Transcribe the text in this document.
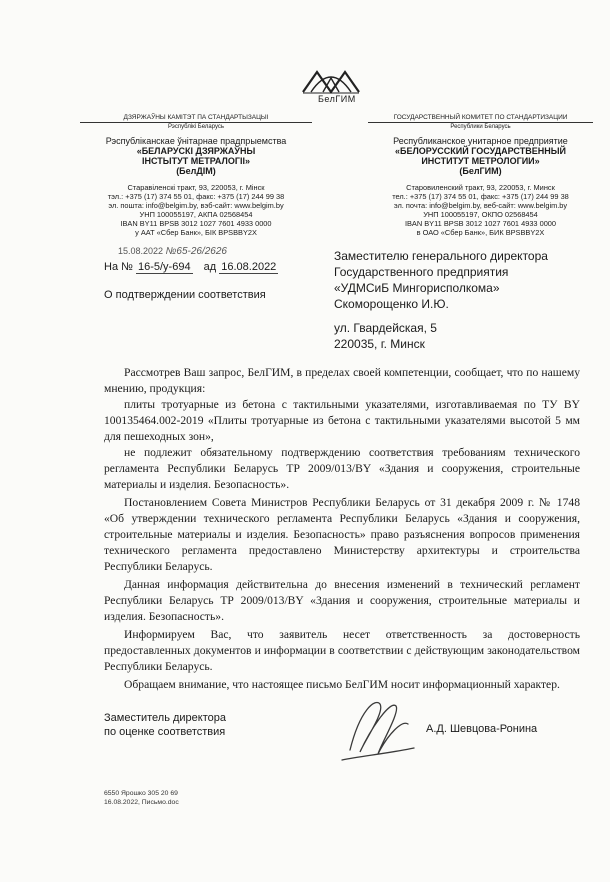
БелГИМ
ДЗЯРЖАЎНЫ КАМІТЭТ ПА СТАНДАРТЫЗАЦЫІ
Рэспублікі Беларусь
Рэспубліканскае ўнітарнае прадпрыемства
«БЕЛАРУСКІ ДЗЯРЖАЎНЫ
ІНСТЫТУТ МЕТРАЛОГІІ»
(БелДІМ)
Старавіленскі тракт, 93, 220053, г. Мінск
тэл.: +375 (17) 374 55 01, факс: +375 (17) 244 99 38
эл. пошта: info@belgim.by, вэб-сайт: www.belgim.by
УНП 100055197, АКПА 02568454
IBAN BY11 BPSB 3012 1027 7601 4933 0000
у ААТ «Сбер Банк», БІК BPSBBY2X
ГОСУДАРСТВЕННЫЙ КОМИТЕТ ПО СТАНДАРТИЗАЦИИ
Республики Беларусь
Республиканское унитарное предприятие
«БЕЛОРУССКИЙ ГОСУДАРСТВЕННЫЙ
ИНСТИТУТ МЕТРОЛОГИИ»
(БелГИМ)
Старовиленский тракт, 93, 220053, г. Минск
тел.: +375 (17) 374 55 01, факс: +375 (17) 244 99 38
эл. почта: info@belgim.by, веб-сайт: www.belgim.by
УНП 100055197, ОКПО 02568454
IBAN BY11 BPSB 3012 1027 7601 4933 0000
в ОАО «Сбер Банк», БИК BPSBBY2X
15.08.2022 №65-26/2626
На № 16-5/у-694 ад 16.08.2022
О подтверждении соответствия
Заместителю генерального директора
Государственного предприятия
«УДМСиБ Мингорисполкома»
Скоморощенко И.Ю.
ул. Гвардейская, 5
220035, г. Минск

Рассмотрев Ваш запрос, БелГИМ, в пределах своей компетенции, сообщает, что по нашему мнению, продукция:

плиты тротуарные из бетона с тактильными указателями, изготавливаемая по ТУ BY 100135464.002-2019 «Плиты тротуарные из бетона с тактильными указателями высотой 5 мм для пешеходных зон»,

не подлежит обязательному подтверждению соответствия требованиям технического регламента Республики Беларусь ТР 2009/013/BY «Здания и сооружения, строительные материалы и изделия. Безопасность».

Постановлением Совета Министров Республики Беларусь от 31 декабря 2009 г. № 1748 «Об утверждении технического регламента Республики Беларусь «Здания и сооружения, строительные материалы и изделия. Безопасность» право разъяснения вопросов применения технического регламента предоставлено Министерству архитектуры и строительства Республики Беларусь.

Данная информация действительна до внесения изменений в технический регламент Республики Беларусь ТР 2009/013/BY «Здания и сооружения, строительные материалы и изделия. Безопасность».

Информируем Вас, что заявитель несет ответственность за достоверность предоставленных документов и информации в соответствии с действующим законодательством Республики Беларусь.

Обращаем внимание, что настоящее письмо БелГИМ носит информационный характер.

Заместитель директора
по оценке соответствия	А.Д. Шевцова-Ронина
6550 Ярошко 305 20 69
16.08.2022, Письмо.doc
